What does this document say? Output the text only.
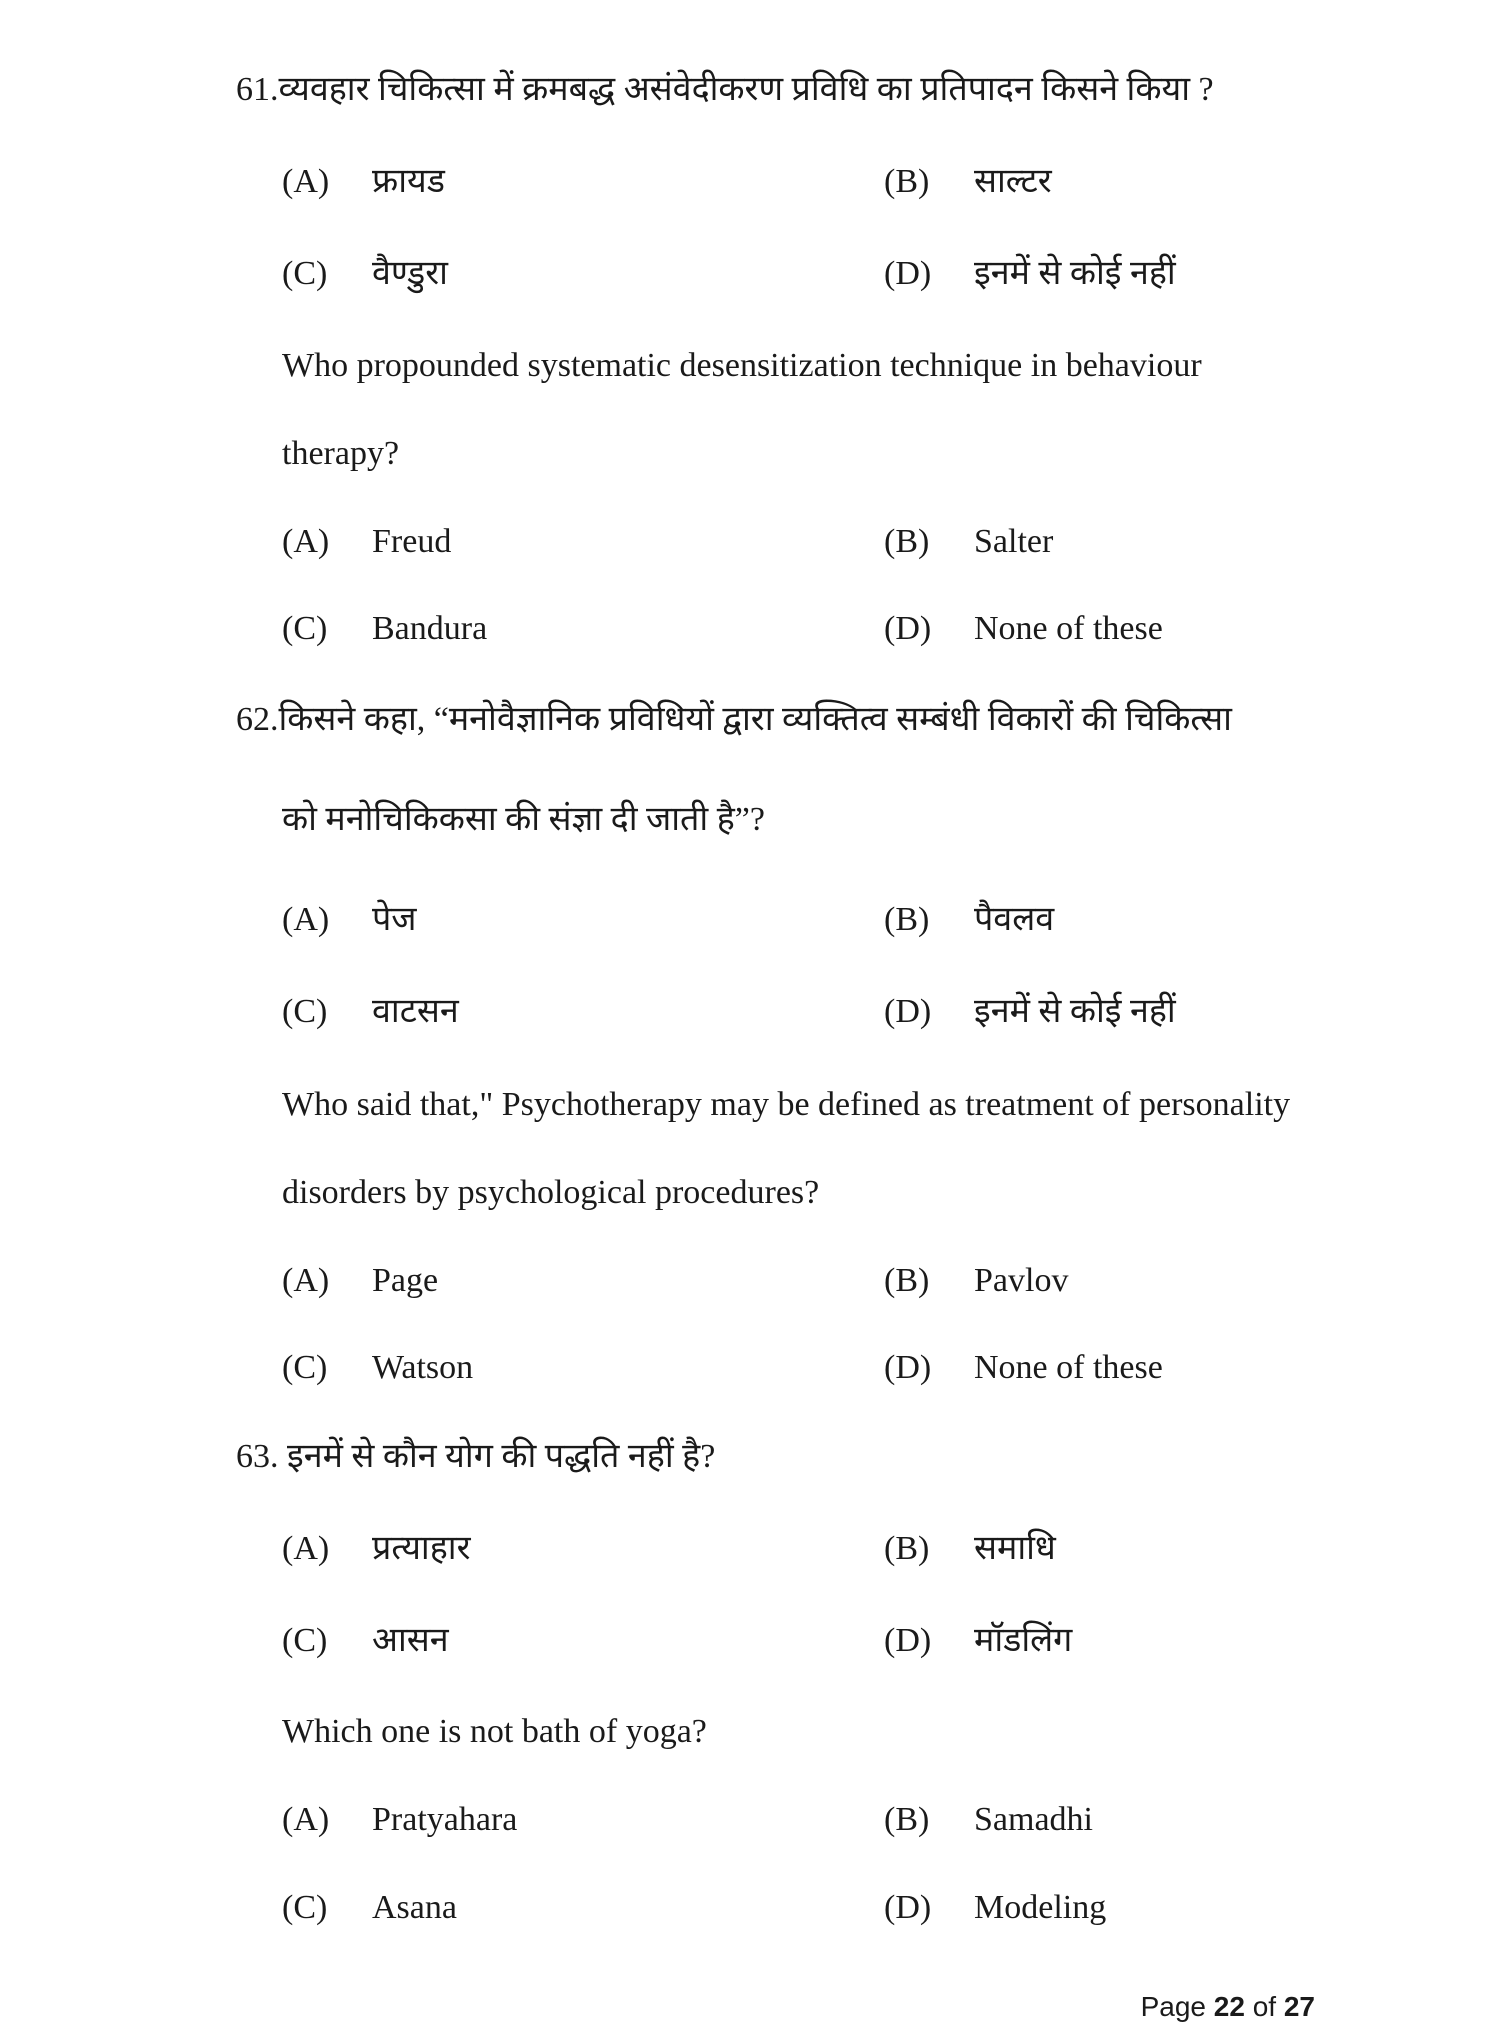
61.व्यवहार चिकित्सा में क्रमबद्ध असंवेदीकरण प्रविधि का प्रतिपादन किसने किया ?
(A) फ्रायड	(B) साल्टर
(C) वैण्डुरा	(D) इनमें से कोई नहीं
Who propounded systematic desensitization technique in behaviour
therapy?
(A) Freud	(B) Salter
(C) Bandura	(D) None of these
62.किसने कहा, “मनोवैज्ञानिक प्रविधियों द्वारा व्यक्तित्व सम्बंधी विकारों की चिकित्सा
को मनोचिकिकसा की संज्ञा दी जाती है”?
(A) पेज	(B) पैवलव
(C) वाटसन	(D) इनमें से कोई नहीं
Who said that," Psychotherapy may be defined as treatment of personality
disorders by psychological procedures?
(A) Page	(B) Pavlov
(C) Watson	(D) None of these
63. इनमें से कौन योग की पद्धति नहीं है?
(A) प्रत्याहार	(B) समाधि
(C) आसन	(D) मॉडलिंग
Which one is not bath of yoga?
(A) Pratyahara	(B) Samadhi
(C) Asana	(D) Modeling
Page 22 of 27
